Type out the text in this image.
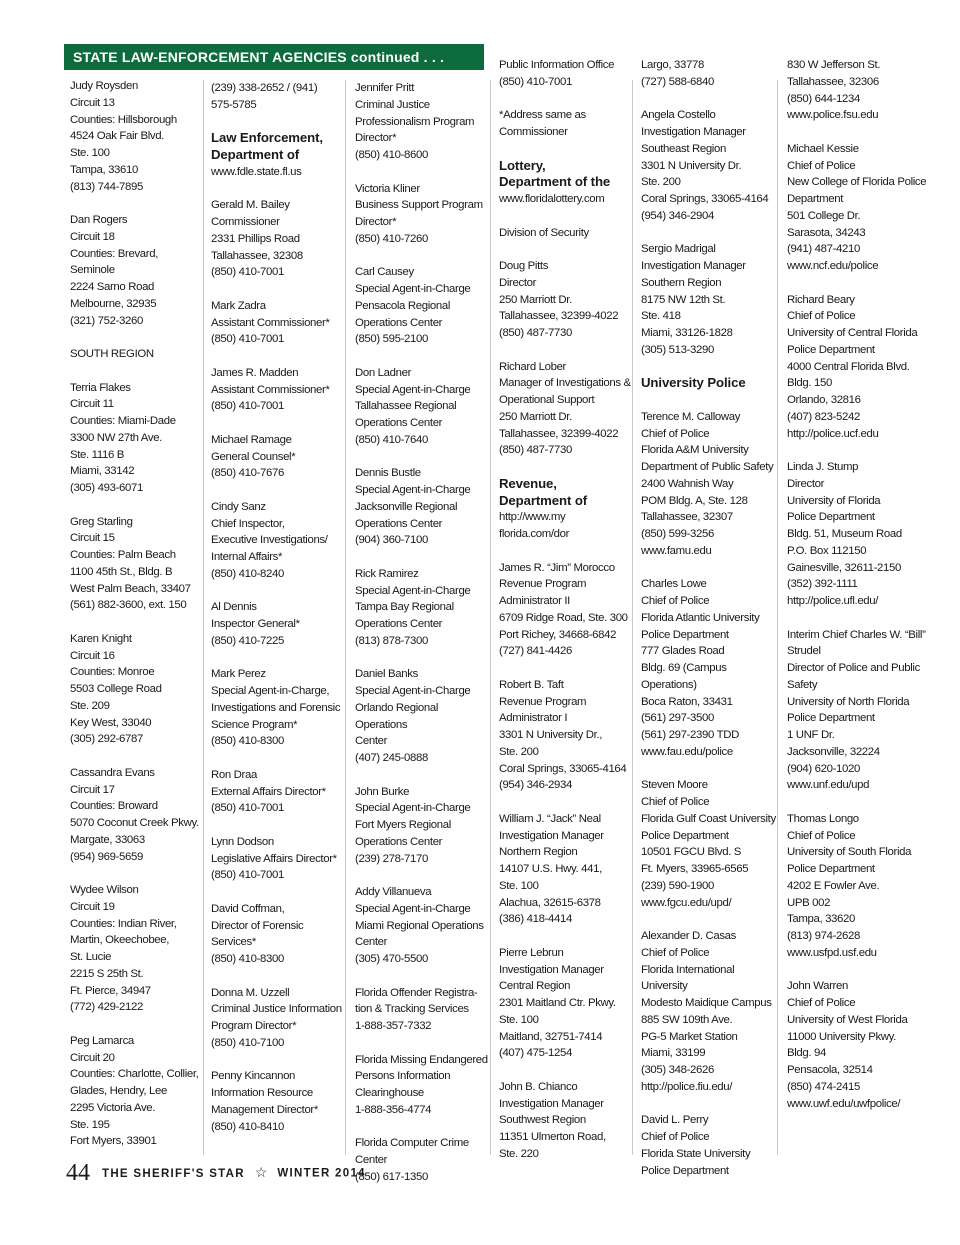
STATE LAW-ENFORCEMENT AGENCIES continued . . .
Judy Roysden
Circuit 13
Counties: Hillsborough
4524 Oak Fair Blvd.
Ste. 100
Tampa, 33610
(813) 744-7895
Dan Rogers
Circuit 18
Counties: Brevard,
Seminole
2224 Sarno Road
Melbourne, 32935
(321) 752-3260
SOUTH REGION
Terria Flakes
Circuit 11
Counties: Miami-Dade
3300 NW 27th Ave.
Ste. 1116 B
Miami, 33142
(305) 493-6071
Greg Starling
Circuit 15
Counties: Palm Beach
1100 45th St., Bldg. B
West Palm Beach, 33407
(561) 882-3600, ext. 150
Karen Knight
Circuit 16
Counties: Monroe
5503 College Road
Ste. 209
Key West, 33040
(305) 292-6787
Cassandra Evans
Circuit 17
Counties: Broward
5070 Coconut Creek Pkwy.
Margate, 33063
(954) 969-5659
Wydee Wilson
Circuit 19
Counties: Indian River,
Martin, Okeechobee,
St. Lucie
2215 S 25th St.
Ft. Pierce, 34947
(772) 429-2122
Peg Lamarca
Circuit 20
Counties: Charlotte, Collier,
Glades, Hendry, Lee
2295 Victoria Ave.
Ste. 195
Fort Myers, 33901
(239) 338-2652 / (941)
575-5785
Law Enforcement,
Department of
www.fdle.state.fl.us
Gerald M. Bailey
Commissioner
2331 Phillips Road
Tallahassee, 32308
(850) 410-7001
Mark Zadra
Assistant Commissioner*
(850) 410-7001
James R. Madden
Assistant Commissioner*
(850) 410-7001
Michael Ramage
General Counsel*
(850) 410-7676
Cindy Sanz
Chief Inspector,
Executive Investigations/
Internal Affairs*
(850) 410-8240
Al Dennis
Inspector General*
(850) 410-7225
Mark Perez
Special Agent-in-Charge,
Investigations and Forensic
Science Program*
(850) 410-8300
Ron Draa
External Affairs Director*
(850) 410-7001
Lynn Dodson
Legislative Affairs Director*
(850) 410-7001
David Coffman,
Director of Forensic Services*
(850) 410-8300
Donna M. Uzzell
Criminal Justice Information
Program Director*
(850) 410-7100
Penny Kincannon
Information Resource
Management Director*
(850) 410-8410
Jennifer Pritt
Criminal Justice
Professionalism Program
Director*
(850) 410-8600
Victoria Kliner
Business Support Program
Director*
(850) 410-7260
Carl Causey
Special Agent-in-Charge
Pensacola Regional
Operations Center
(850) 595-2100
Don Ladner
Special Agent-in-Charge
Tallahassee Regional
Operations Center
(850) 410-7640
Dennis Bustle
Special Agent-in-Charge
Jacksonville Regional
Operations Center
(904) 360-7100
Rick Ramirez
Special Agent-in-Charge
Tampa Bay Regional
Operations Center
(813) 878-7300
Daniel Banks
Special Agent-in-Charge
Orlando Regional Operations
Center
(407) 245-0888
John Burke
Special Agent-in-Charge
Fort Myers Regional
Operations Center
(239) 278-7170
Addy Villanueva
Special Agent-in-Charge
Miami Regional Operations
Center
(305) 470-5500
Florida Offender Registra-
tion & Tracking Services
1-888-357-7332
Florida Missing Endangered
Persons Information
Clearinghouse
1-888-356-4774
Florida Computer Crime
Center
(850) 617-1350
Public Information Office
(850) 410-7001
*Address same as
Commissioner
Lottery,
Department of the
www.floridalottery.com
Division of Security
Doug Pitts
Director
250 Marriott Dr.
Tallahassee, 32399-4022
(850) 487-7730
Richard Lober
Manager of Investigations &
Operational Support
250 Marriott Dr.
Tallahassee, 32399-4022
(850) 487-7730
Revenue,
Department of
http://www.my
florida.com/dor
James R. “Jim” Morocco
Revenue Program
Administrator II
6709 Ridge Road, Ste. 300
Port Richey, 34668-6842
(727) 841-4426
Robert B. Taft
Revenue Program
Administrator I
3301 N University Dr.,
Ste. 200
Coral Springs, 33065-4164
(954) 346-2934
William J. “Jack” Neal
Investigation Manager
Northern Region
14107 U.S. Hwy. 441,
Ste. 100
Alachua, 32615-6378
(386) 418-4414
Pierre Lebrun
Investigation Manager
Central Region
2301 Maitland Ctr. Pkwy.
Ste. 100
Maitland, 32751-7414
(407) 475-1254
John B. Chianco
Investigation Manager
Southwest Region
11351 Ulmerton Road,
Ste. 220
Largo, 33778
(727) 588-6840
Angela Costello
Investigation Manager
Southeast Region
3301 N University Dr.
Ste. 200
Coral Springs, 33065-4164
(954) 346-2904
Sergio Madrigal
Investigation Manager
Southern Region
8175 NW 12th St.
Ste. 418
Miami, 33126-1828
(305) 513-3290
University Police
Terence M. Calloway
Chief of Police
Florida A&M University
Department of Public Safety
2400 Wahnish Way
POM Bldg. A, Ste. 128
Tallahassee, 32307
(850) 599-3256
www.famu.edu
Charles Lowe
Chief of Police
Florida Atlantic University
Police Department
777 Glades Road
Bldg. 69 (Campus Operations)
Boca Raton, 33431
(561) 297-3500
(561) 297-2390 TDD
www.fau.edu/police
Steven Moore
Chief of Police
Florida Gulf Coast University
Police Department
10501 FGCU Blvd. S
Ft. Myers, 33965-6565
(239) 590-1900
www.fgcu.edu/upd/
Alexander D. Casas
Chief of Police
Florida International
University
Modesto Maidique Campus
885 SW 109th Ave.
PG-5 Market Station
Miami, 33199
(305) 348-2626
http://police.fiu.edu/
David L. Perry
Chief of Police
Florida State University
Police Department
830 W Jefferson St.
Tallahassee, 32306
(850) 644-1234
www.police.fsu.edu
Michael Kessie
Chief of Police
New College of Florida Police
Department
501 College Dr.
Sarasota, 34243
(941) 487-4210
www.ncf.edu/police
Richard Beary
Chief of Police
University of Central Florida
Police Department
4000 Central Florida Blvd.
Bldg. 150
Orlando, 32816
(407) 823-5242
http://police.ucf.edu
Linda J. Stump
Director
University of Florida
Police Department
Bldg. 51, Museum Road
P.O. Box 112150
Gainesville, 32611-2150
(352) 392-1111
http://police.ufl.edu/
Interim Chief Charles W. “Bill”
Strudel
Director of Police and Public
Safety
University of North Florida
Police Department
1 UNF Dr.
Jacksonville, 32224
(904) 620-1020
www.unf.edu/upd
Thomas Longo
Chief of Police
University of South Florida
Police Department
4202 E Fowler Ave.
UPB 002
Tampa, 33620
(813) 974-2628
www.usfpd.usf.edu
John Warren
Chief of Police
University of West Florida
11000 University Pkwy.
Bldg. 94
Pensacola, 32514
(850) 474-2415
www.uwf.edu/uwfpolice/
44 THE SHERIFF'S STAR ☆ WINTER 2014
